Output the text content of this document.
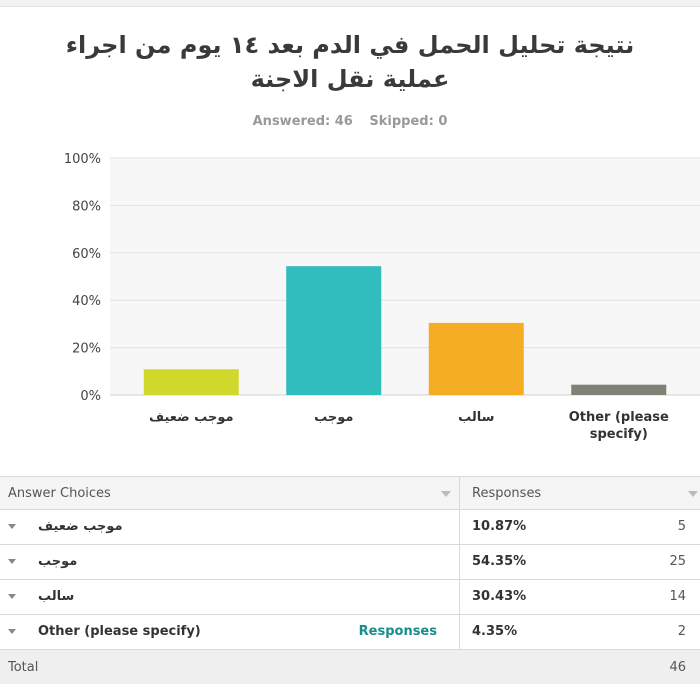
نتيجة تحليل الحمل في الدم بعد ١٤ يوم من اجراء
عملية نقل الاجنة
Answered: 46 Skipped: 0
0%
20%
40%
60%
80%
100%
موجب ضعيف	موجب	سالب	Other (please
specify)
Answer Choices	Responses
موجب ضعيف	10.87%	5
موجب	54.35%	25
سالب	30.43%	14
Other (please specify)	Responses	4.35%	2
Total	46
